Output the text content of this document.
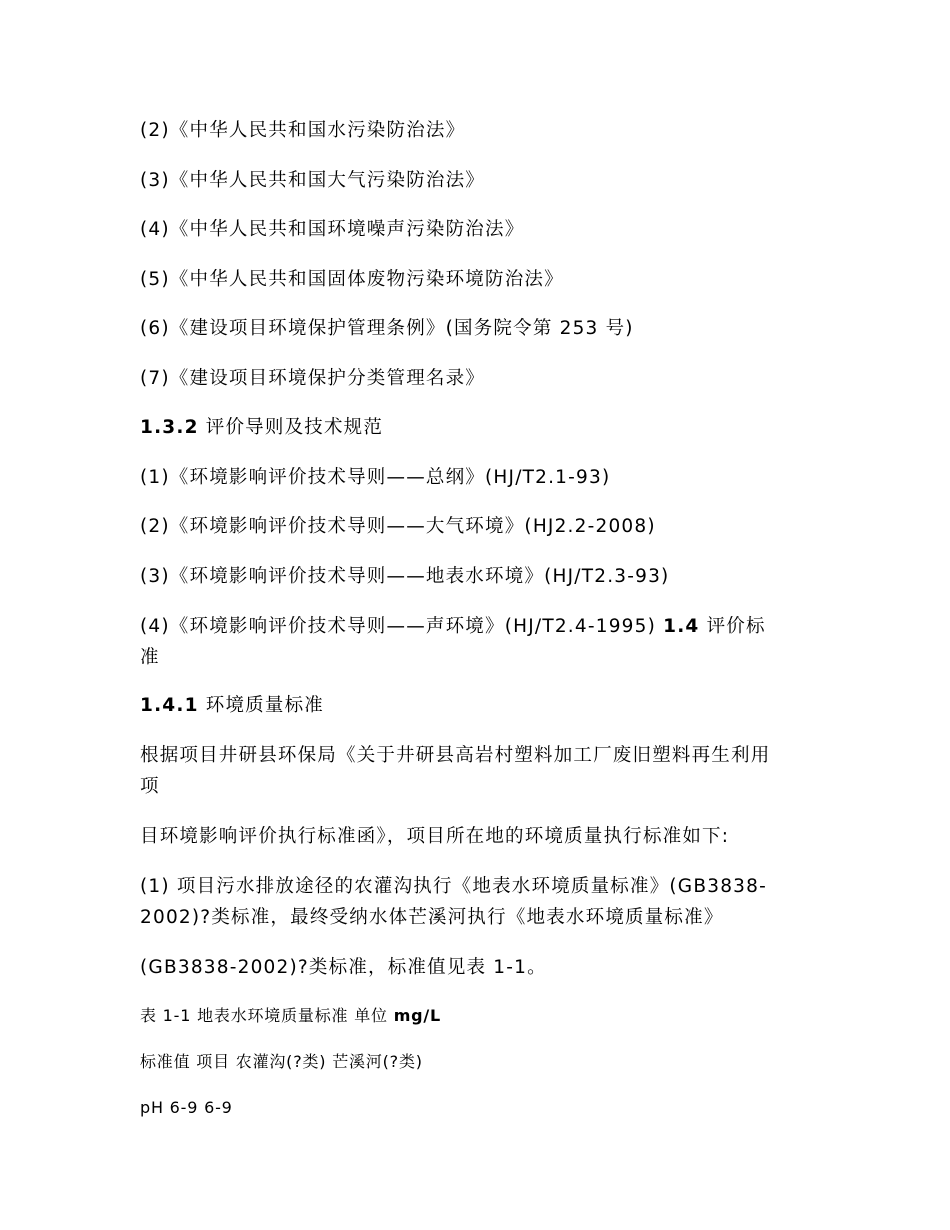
(2)《中华人民共和国水污染防治法》

(3)《中华人民共和国大气污染防治法》

(4)《中华人民共和国环境噪声污染防治法》

(5)《中华人民共和国固体废物污染环境防治法》

(6)《建设项目环境保护管理条例》(国务院令第 253 号)

(7)《建设项目环境保护分类管理名录》

1.3.2 评价导则及技术规范

(1)《环境影响评价技术导则——总纲》(HJ/T2.1-93)

(2)《环境影响评价技术导则——大气环境》(HJ2.2-2008)

(3)《环境影响评价技术导则——地表水环境》(HJ/T2.3-93)

(4)《环境影响评价技术导则——声环境》(HJ/T2.4-1995) 1.4 评价标

准

1.4.1 环境质量标准

根据项目井研县环保局《关于井研县高岩村塑料加工厂废旧塑料再生利用

项

目环境影响评价执行标准函》，项目所在地的环境质量执行标准如下:

(1) 项目污水排放途径的农灌沟执行《地表水环境质量标准》(GB3838-

2002)?类标准，最终受纳水体芒溪河执行《地表水环境质量标准》

(GB3838-2002)?类标准，标准值见表 1-1。

表 1-1 地表水环境质量标准 单位 mg/L

标准值 项目 农灌沟(?类) 芒溪河(?类)

pH 6-9 6-9
